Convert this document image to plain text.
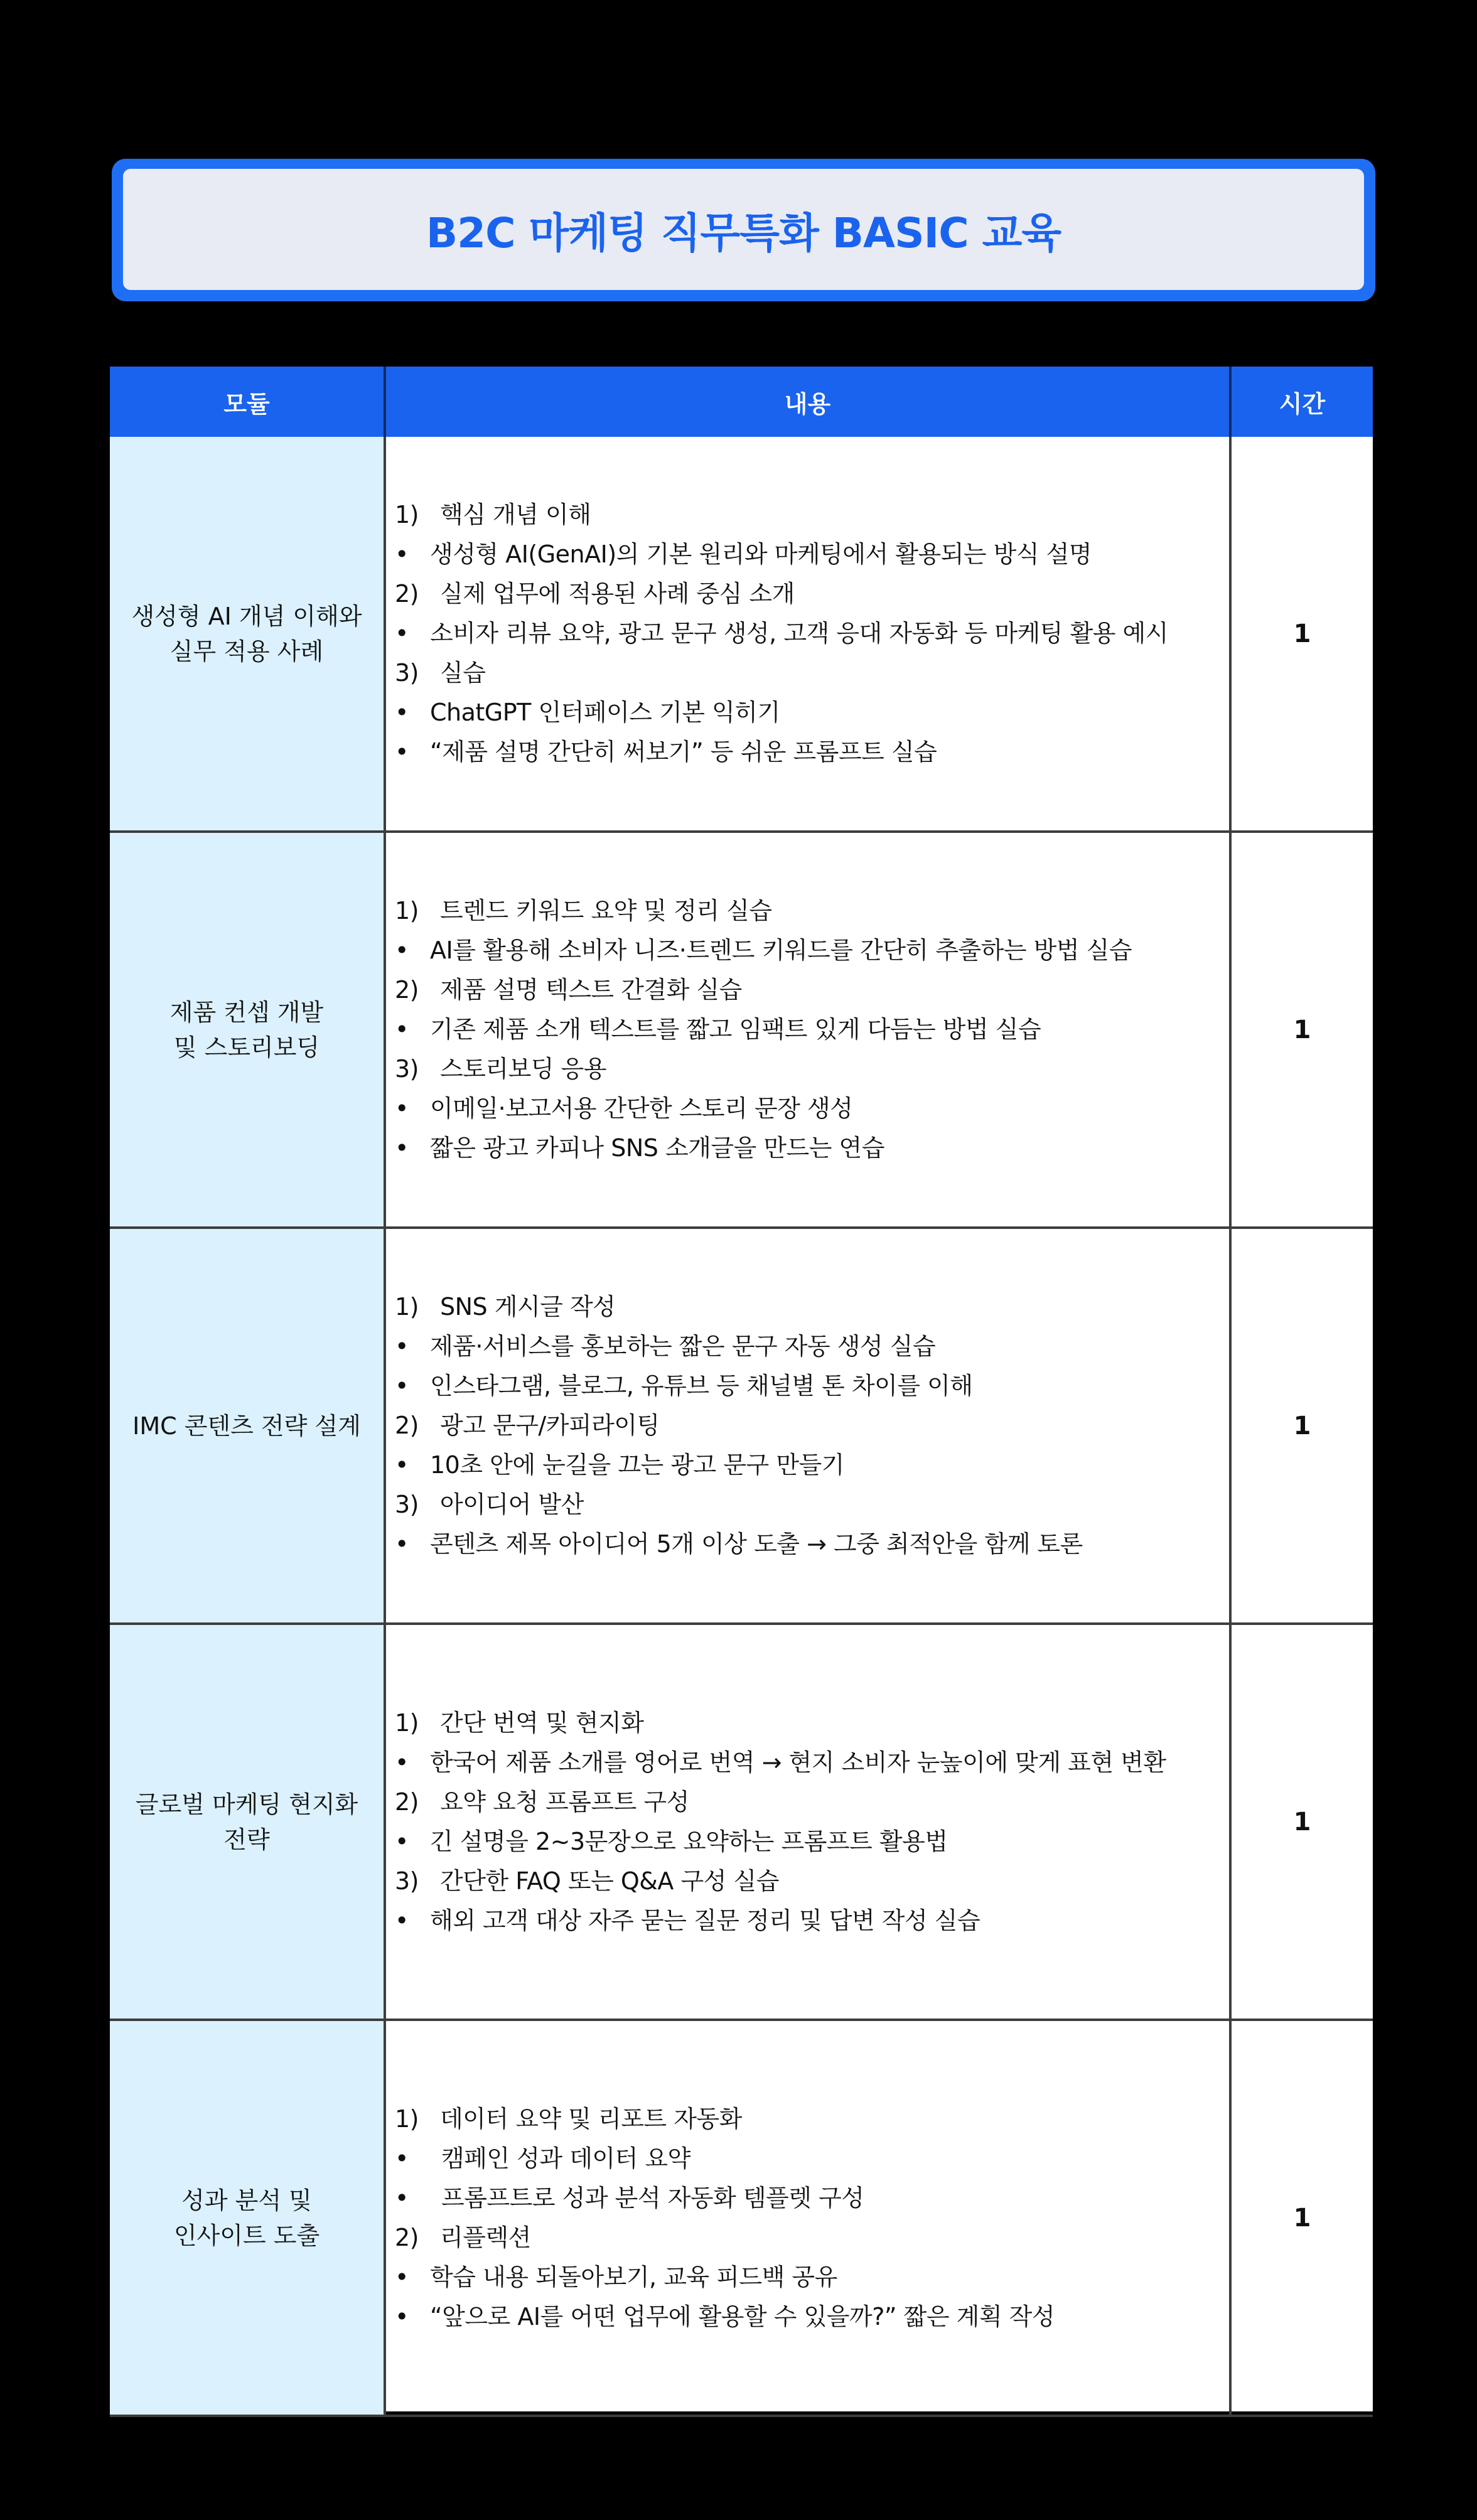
B2C 마케팅 직무특화 BASIC 교육
모듈	내용	시간
생성형 AI 개념 이해와
실무 적용 사례
1) 핵심 개념 이해
• 생성형 AI(GenAI)의 기본 원리와 마케팅에서 활용되는 방식 설명
2) 실제 업무에 적용된 사례 중심 소개
• 소비자 리뷰 요약, 광고 문구 생성, 고객 응대 자동화 등 마케팅 활용 예시
3) 실습
• ChatGPT 인터페이스 기본 익히기
• “제품 설명 간단히 써보기” 등 쉬운 프롬프트 실습
1
제품 컨셉 개발
및 스토리보딩
1) 트렌드 키워드 요약 및 정리 실습
• AI를 활용해 소비자 니즈·트렌드 키워드를 간단히 추출하는 방법 실습
2) 제품 설명 텍스트 간결화 실습
• 기존 제품 소개 텍스트를 짧고 임팩트 있게 다듬는 방법 실습
3) 스토리보딩 응용
• 이메일·보고서용 간단한 스토리 문장 생성
• 짧은 광고 카피나 SNS 소개글을 만드는 연습
1
IMC 콘텐츠 전략 설계
1) SNS 게시글 작성
• 제품·서비스를 홍보하는 짧은 문구 자동 생성 실습
• 인스타그램, 블로그, 유튜브 등 채널별 톤 차이를 이해
2) 광고 문구/카피라이팅
• 10초 안에 눈길을 끄는 광고 문구 만들기
3) 아이디어 발산
• 콘텐츠 제목 아이디어 5개 이상 도출 → 그중 최적안을 함께 토론
1
글로벌 마케팅 현지화
전략
1) 간단 번역 및 현지화
• 한국어 제품 소개를 영어로 번역 → 현지 소비자 눈높이에 맞게 표현 변환
2) 요약 요청 프롬프트 구성
• 긴 설명을 2~3문장으로 요약하는 프롬프트 활용법
3) 간단한 FAQ 또는 Q&A 구성 실습
• 해외 고객 대상 자주 묻는 질문 정리 및 답변 작성 실습
1
성과 분석 및
인사이트 도출
1) 데이터 요약 및 리포트 자동화
• 캠페인 성과 데이터 요약
• 프롬프트로 성과 분석 자동화 템플렛 구성
2) 리플렉션
• 학습 내용 되돌아보기, 교육 피드백 공유
• “앞으로 AI를 어떤 업무에 활용할 수 있을까?” 짧은 계획 작성
1
